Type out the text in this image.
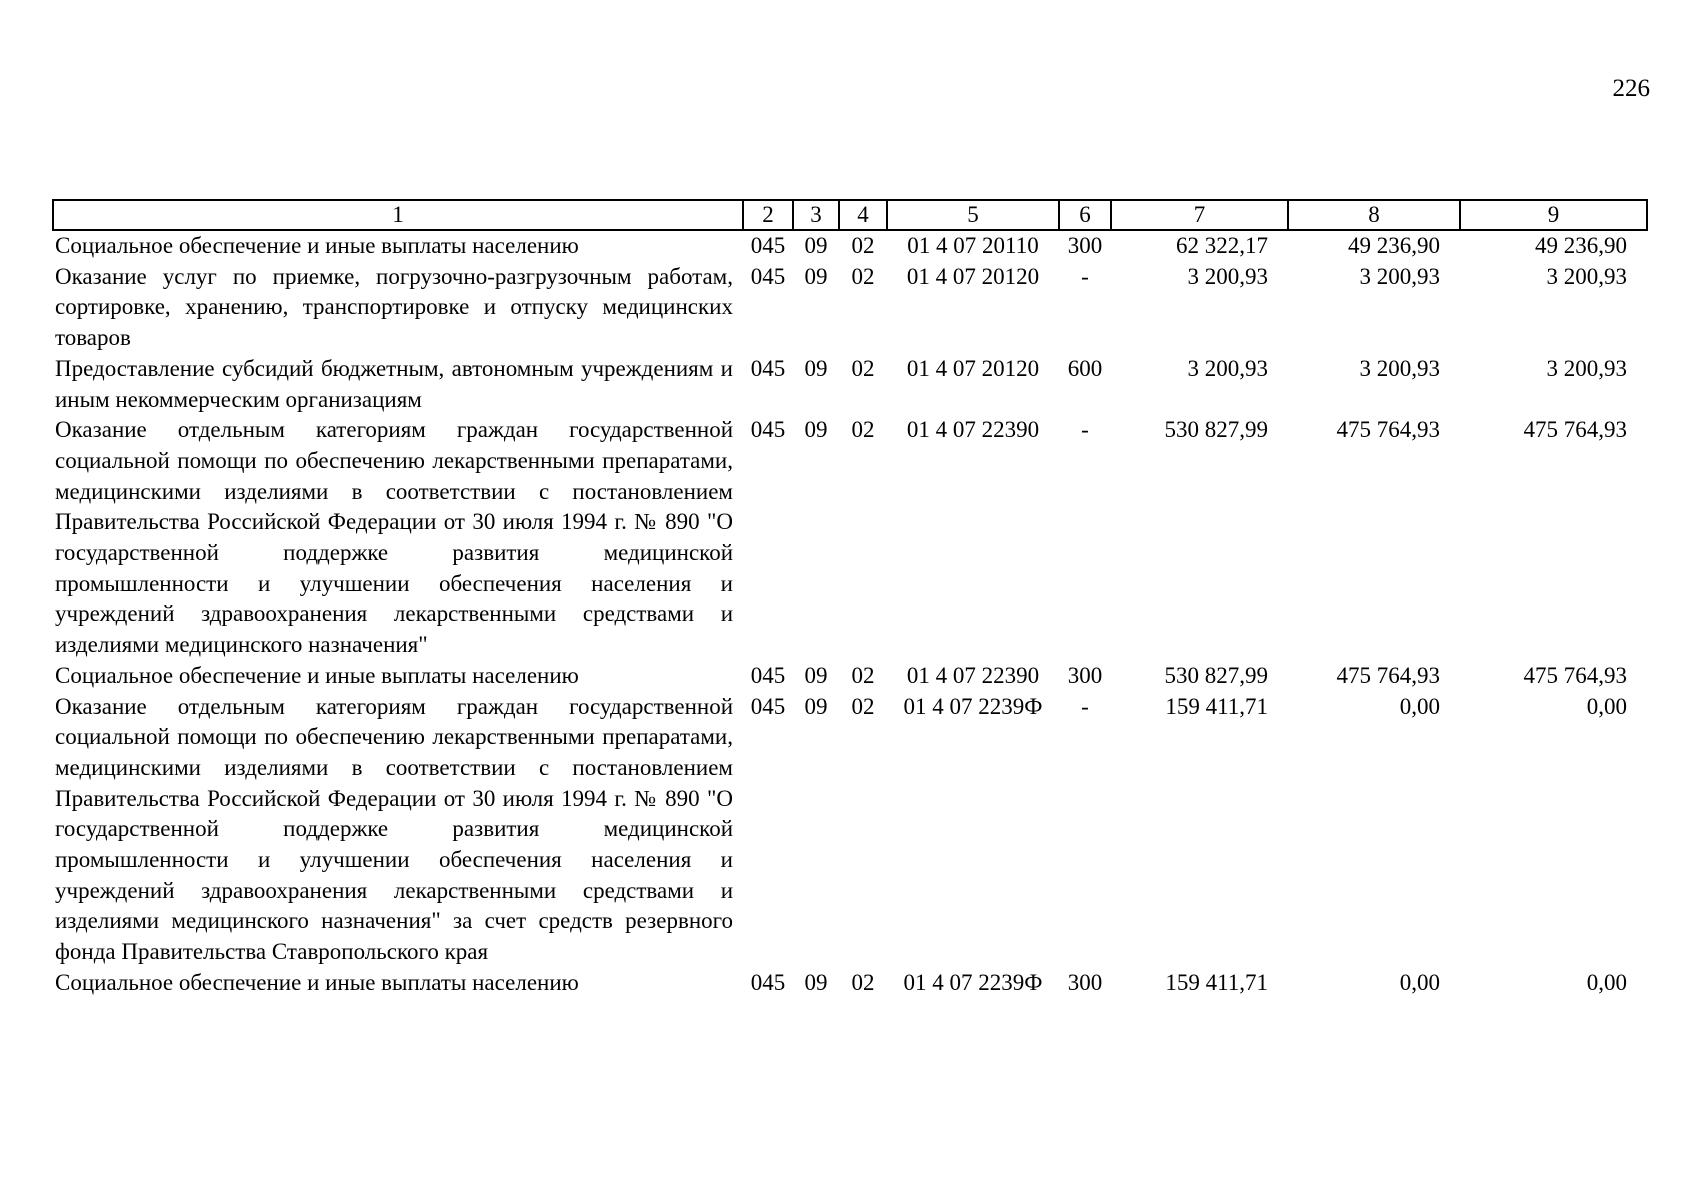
226
1	2	3	4	5	6	7	8	9
Социальное обеспечение и иные выплаты населению	045	09	02	01 4 07 20110	300	62 322,17	49 236,90	49 236,90
Оказание услуг по приемке, погрузочно-разгрузочным работам, сортировке, хранению, транспортировке и отпуску медицинских товаров	045	09	02	01 4 07 20120	-	3 200,93	3 200,93	3 200,93
Предоставление субсидий бюджетным, автономным учреждениям и иным некоммерческим организациям	045	09	02	01 4 07 20120	600	3 200,93	3 200,93	3 200,93
Оказание отдельным категориям граждан государственной социальной помощи по обеспечению лекарственными препаратами, медицинскими изделиями в соответствии с постановлением Правительства Российской Федерации от 30 июля 1994 г. № 890 "О государственной поддержке развития медицинской промышленности и улучшении обеспечения населения и учреждений здравоохранения лекарственными средствами и изделиями медицинского назначения"	045	09	02	01 4 07 22390	-	530 827,99	475 764,93	475 764,93
Социальное обеспечение и иные выплаты населению	045	09	02	01 4 07 22390	300	530 827,99	475 764,93	475 764,93
Оказание отдельным категориям граждан государственной социальной помощи по обеспечению лекарственными препаратами, медицинскими изделиями в соответствии с постановлением Правительства Российской Федерации от 30 июля 1994 г. № 890 "О государственной поддержке развития медицинской промышленности и улучшении обеспечения населения и учреждений здравоохранения лекарственными средствами и изделиями медицинского назначения" за счет средств резервного фонда Правительства Ставропольского края	045	09	02	01 4 07 2239Ф	-	159 411,71	0,00	0,00
Социальное обеспечение и иные выплаты населению	045	09	02	01 4 07 2239Ф	300	159 411,71	0,00	0,00
